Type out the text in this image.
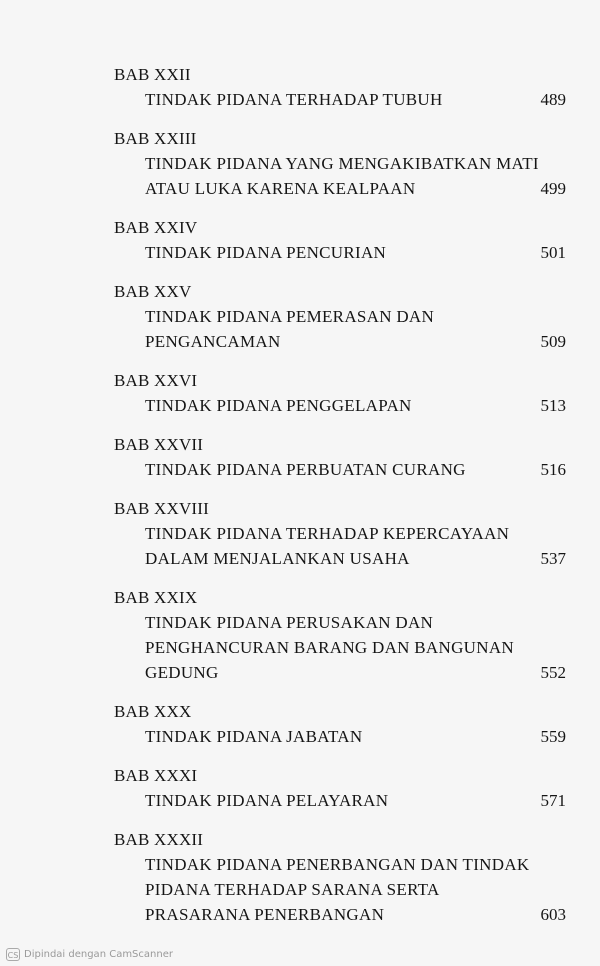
BAB XXII
TINDAK PIDANA TERHADAP TUBUH	489
BAB XXIII
TINDAK PIDANA YANG MENGAKIBATKAN MATI
ATAU LUKA KARENA KEALPAAN	499
BAB XXIV
TINDAK PIDANA PENCURIAN	501
BAB XXV
TINDAK PIDANA PEMERASAN DAN
PENGANCAMAN	509
BAB XXVI
TINDAK PIDANA PENGGELAPAN	513
BAB XXVII
TINDAK PIDANA PERBUATAN CURANG	516
BAB XXVIII
TINDAK PIDANA TERHADAP KEPERCAYAAN
DALAM MENJALANKAN USAHA	537
BAB XXIX
TINDAK PIDANA PERUSAKAN DAN
PENGHANCURAN BARANG DAN BANGUNAN
GEDUNG	552
BAB XXX
TINDAK PIDANA JABATAN	559
BAB XXXI
TINDAK PIDANA PELAYARAN	571
BAB XXXII
TINDAK PIDANA PENERBANGAN DAN TINDAK
PIDANA TERHADAP SARANA SERTA
PRASARANA PENERBANGAN	603
CS Dipindai dengan CamScanner
